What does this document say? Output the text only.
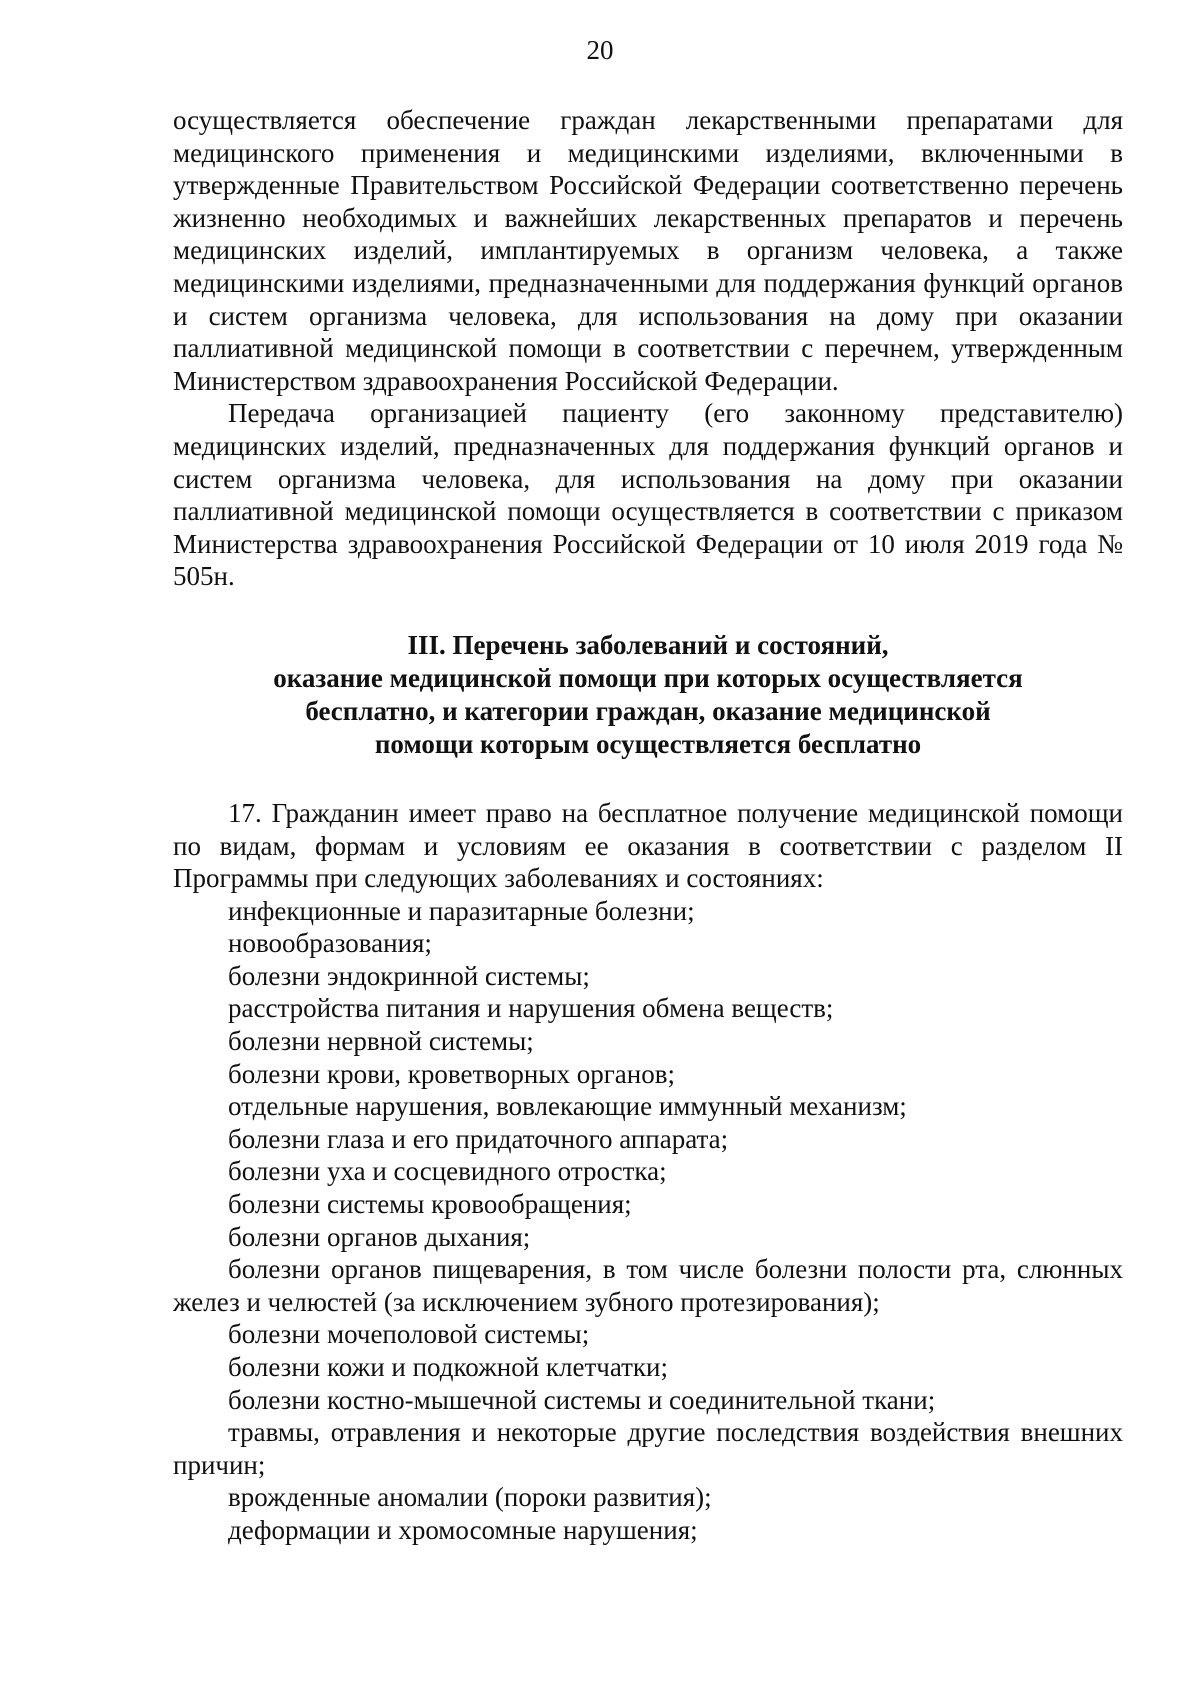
20

осуществляется обеспечение граждан лекарственными препаратами для медицинского применения и медицинскими изделиями, включенными в утвержденные Правительством Российской Федерации соответственно перечень жизненно необходимых и важнейших лекарственных препаратов и перечень медицинских изделий, имплантируемых в организм человека, а также медицинскими изделиями, предназначенными для поддержания функций органов и систем организма человека, для использования на дому при оказании паллиативной медицинской помощи в соответствии с перечнем, утвержденным Министерством здравоохранения Российской Федерации.

Передача организацией пациенту (его законному представителю) медицинских изделий, предназначенных для поддержания функций органов и систем организма человека, для использования на дому при оказании паллиативной медицинской помощи осуществляется в соответствии с приказом Министерства здравоохранения Российской Федерации от 10 июля 2019 года № 505н.

III. Перечень заболеваний и состояний,
оказание медицинской помощи при которых осуществляется
бесплатно, и категории граждан, оказание медицинской
помощи которым осуществляется бесплатно

17. Гражданин имеет право на бесплатное получение медицинской помощи по видам, формам и условиям ее оказания в соответствии с разделом II Программы при следующих заболеваниях и состояниях:

инфекционные и паразитарные болезни;

новообразования;

болезни эндокринной системы;

расстройства питания и нарушения обмена веществ;

болезни нервной системы;

болезни крови, кроветворных органов;

отдельные нарушения, вовлекающие иммунный механизм;

болезни глаза и его придаточного аппарата;

болезни уха и сосцевидного отростка;

болезни системы кровообращения;

болезни органов дыхания;

болезни органов пищеварения, в том числе болезни полости рта, слюнных желез и челюстей (за исключением зубного протезирования);

болезни мочеполовой системы;

болезни кожи и подкожной клетчатки;

болезни костно-мышечной системы и соединительной ткани;

травмы, отравления и некоторые другие последствия воздействия внешних причин;

врожденные аномалии (пороки развития);

деформации и хромосомные нарушения;
